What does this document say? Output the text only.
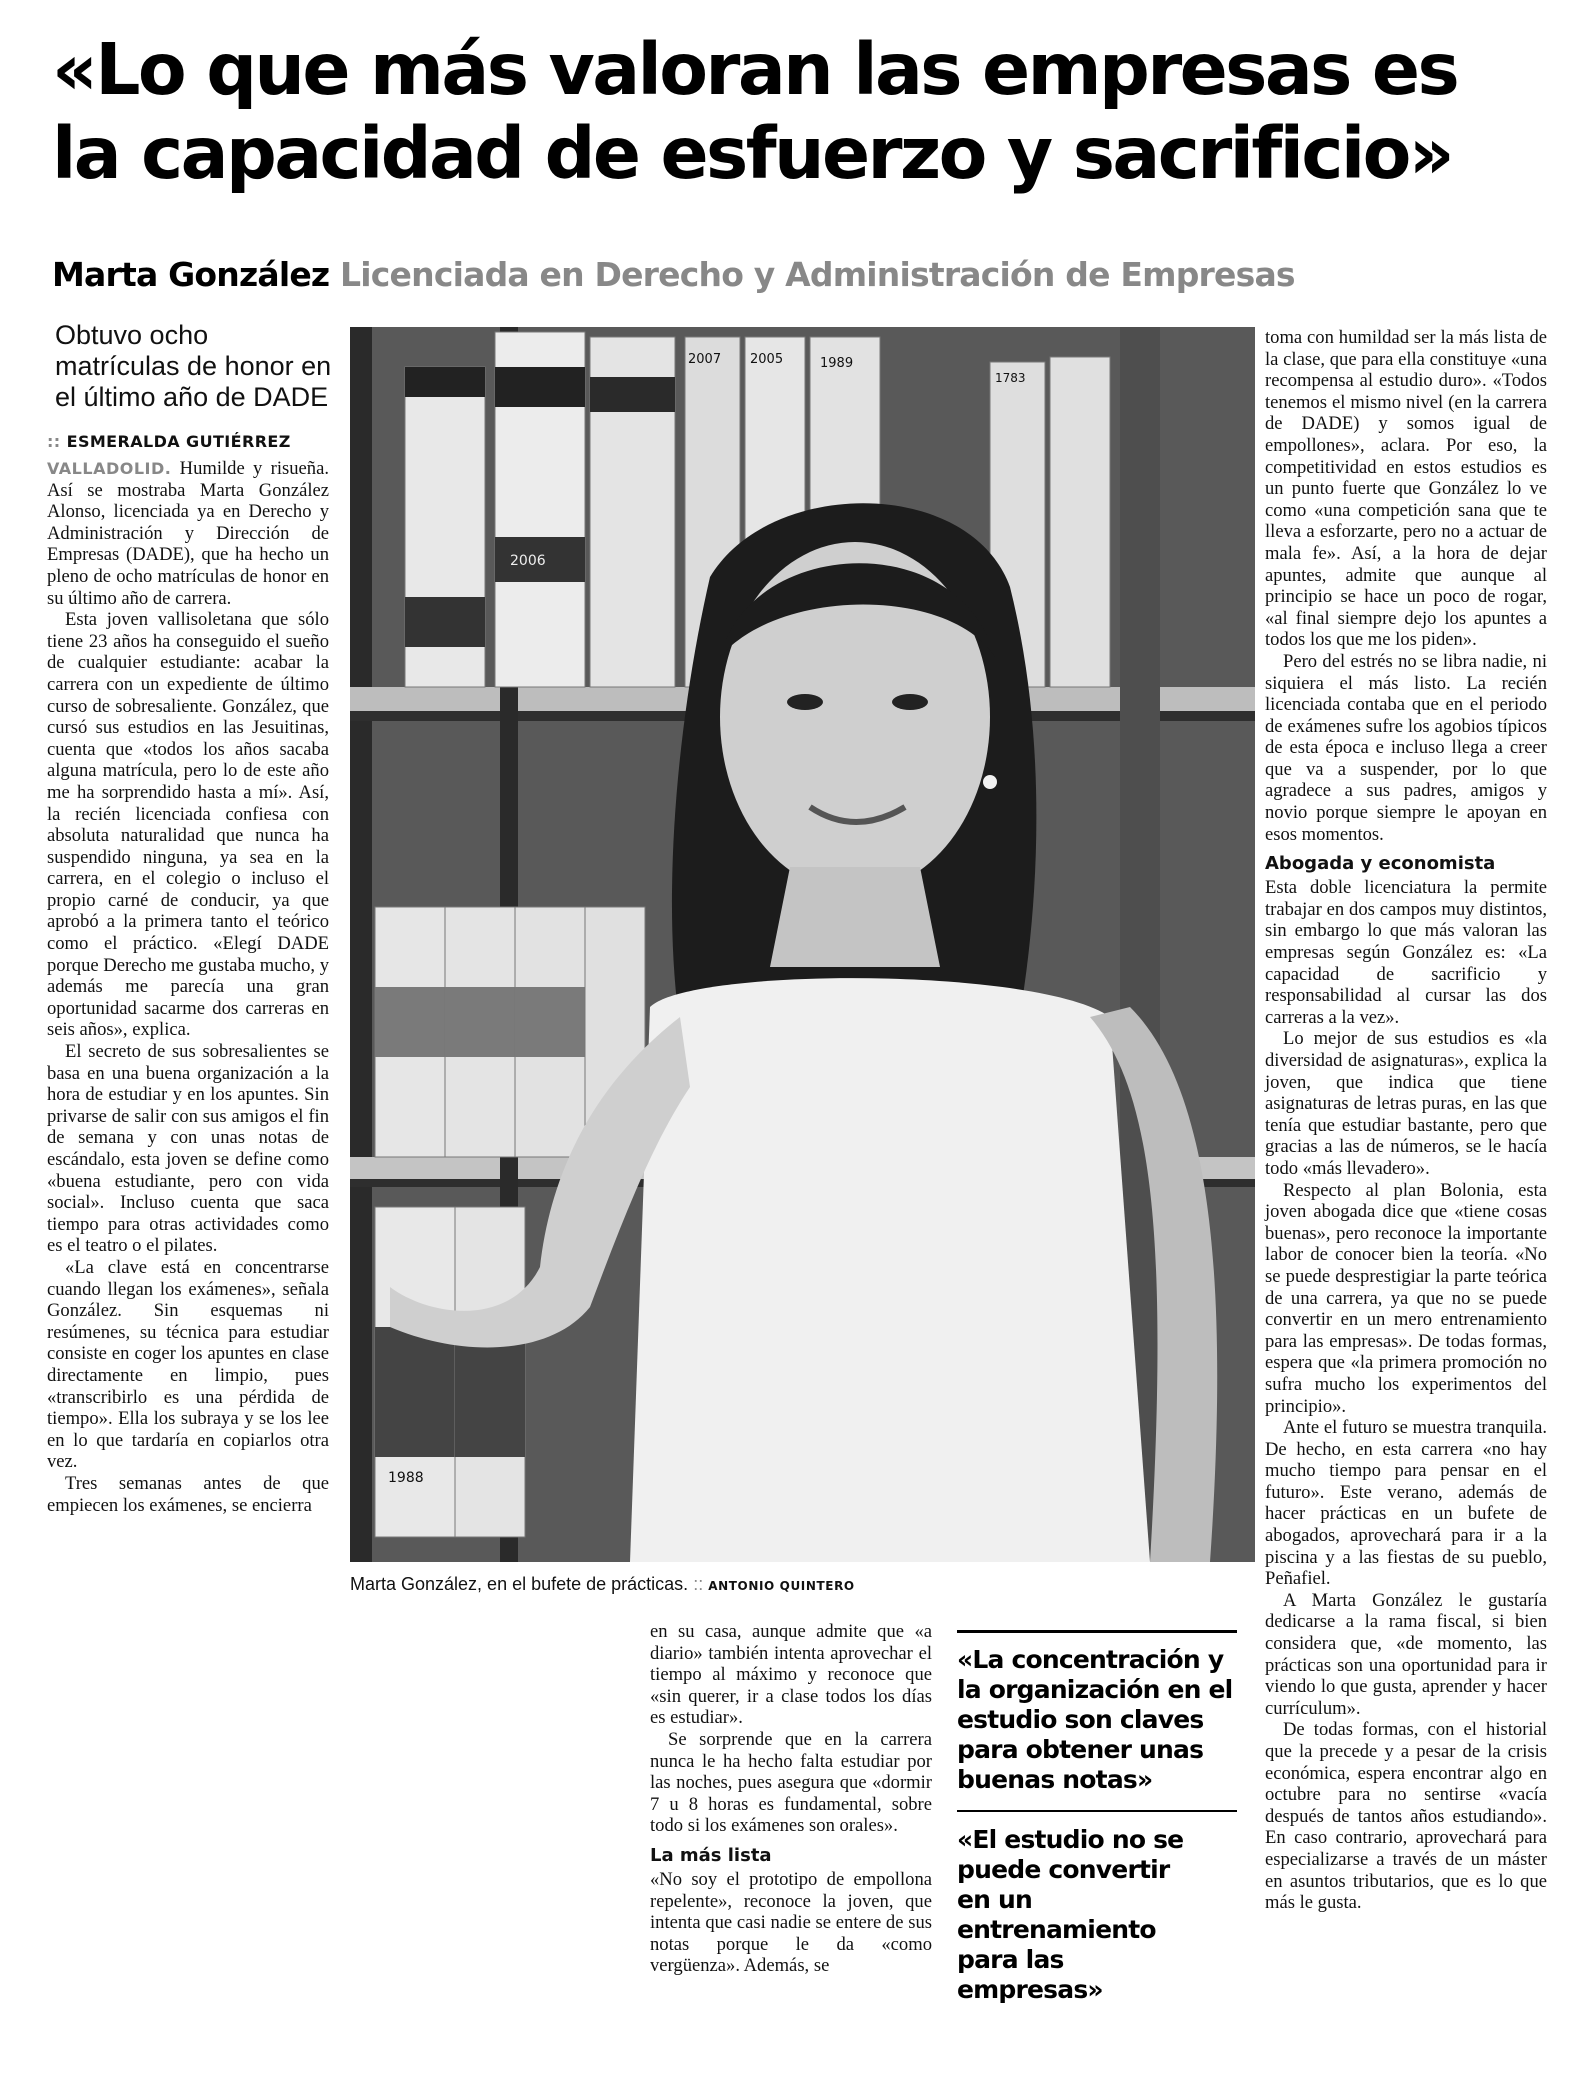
«Lo que más valoran las empresas es
la capacidad de esfuerzo y sacrificio»
Marta González Licenciada en Derecho y Administración de Empresas
Obtuvo ocho matrículas de honor en el último año de DADE
:: ESMERALDA GUTIÉRREZ

VALLADOLID. Humilde y risueña. Así se mostraba Marta González Alonso, licenciada ya en Derecho y Administración y Dirección de Empresas (DADE), que ha hecho un pleno de ocho matrículas de honor en su último año de carrera.

Esta joven vallisoletana que sólo tiene 23 años ha conseguido el sueño de cualquier estudiante: acabar la carrera con un expediente de último curso de sobresaliente. González, que cursó sus estudios en las Jesuitinas, cuenta que «todos los años sacaba alguna matrícula, pero lo de este año me ha sorprendido hasta a mí». Así, la recién licenciada confiesa con absoluta naturalidad que nunca ha suspendido ninguna, ya sea en la carrera, en el colegio o incluso el propio carné de conducir, ya que aprobó a la primera tanto el teórico como el práctico. «Elegí DADE porque Derecho me gustaba mucho, y además me parecía una gran oportunidad sacarme dos carreras en seis años», explica.

El secreto de sus sobresalientes se basa en una buena organización a la hora de estudiar y en los apuntes. Sin privarse de salir con sus amigos el fin de semana y con unas notas de escándalo, esta joven se define como «buena estudiante, pero con vida social». Incluso cuenta que saca tiempo para otras actividades como es el teatro o el pilates.

«La clave está en concentrarse cuando llegan los exámenes», señala González. Sin esquemas ni resúmenes, su técnica para estudiar consiste en coger los apuntes en clase directamente en limpio, pues «transcribirlo es una pérdida de tiempo». Ella los subraya y se los lee en lo que tardaría en copiarlos otra vez.

Tres semanas antes de que empiecen los exámenes, se encierra

2006
2007 2005	1989
1783
1988
Marta González, en el bufete de prácticas. :: ANTONIO QUINTERO

en su casa, aunque admite que «a diario» también intenta aprovechar el tiempo al máximo y reconoce que «sin querer, ir a clase todos los días es estudiar».

Se sorprende que en la carrera nunca le ha hecho falta estudiar por las noches, pues asegura que «dormir 7 u 8 horas es fundamental, sobre todo si los exámenes son orales».

La más lista

«No soy el prototipo de empollona repelente», reconoce la joven, que intenta que casi nadie se entere de sus notas porque le da «como vergüenza». Además, se

«La concentración y la organización en el estudio son claves para obtener unas buenas notas»
«El estudio no se puede convertir en un entrenamiento para las empresas»

toma con humildad ser la más lista de la clase, que para ella constituye «una recompensa al estudio duro». «Todos tenemos el mismo nivel (en la carrera de DADE) y somos igual de empollones», aclara. Por eso, la competitividad en estos estudios es un punto fuerte que González lo ve como «una competición sana que te lleva a esforzarte, pero no a actuar de mala fe». Así, a la hora de dejar apuntes, admite que aunque al principio se hace un poco de rogar, «al final siempre dejo los apuntes a todos los que me los piden».

Pero del estrés no se libra nadie, ni siquiera el más listo. La recién licenciada contaba que en el periodo de exámenes sufre los agobios típicos de esta época e incluso llega a creer que va a suspender, por lo que agradece a sus padres, amigos y novio porque siempre le apoyan en esos momentos.

Abogada y economista

Esta doble licenciatura la permite trabajar en dos campos muy distintos, sin embargo lo que más valoran las empresas según González es: «La capacidad de sacrificio y responsabilidad al cursar las dos carreras a la vez».

Lo mejor de sus estudios es «la diversidad de asignaturas», explica la joven, que indica que tiene asignaturas de letras puras, en las que tenía que estudiar bastante, pero que gracias a las de números, se le hacía todo «más llevadero».

Respecto al plan Bolonia, esta joven abogada dice que «tiene cosas buenas», pero reconoce la importante labor de conocer bien la teoría. «No se puede desprestigiar la parte teórica de una carrera, ya que no se puede convertir en un mero entrenamiento para las empresas». De todas formas, espera que «la primera promoción no sufra mucho los experimentos del principio».

Ante el futuro se muestra tranquila. De hecho, en esta carrera «no hay mucho tiempo para pensar en el futuro». Este verano, además de hacer prácticas en un bufete de abogados, aprovechará para ir a la piscina y a las fiestas de su pueblo, Peñafiel.

A Marta González le gustaría dedicarse a la rama fiscal, si bien considera que, «de momento, las prácticas son una oportunidad para ir viendo lo que gusta, aprender y hacer currículum».

De todas formas, con el historial que la precede y a pesar de la crisis económica, espera encontrar algo en octubre para no sentirse «vacía después de tantos años estudiando». En caso contrario, aprovechará para especializarse a través de un máster en asuntos tributarios, que es lo que más le gusta.
